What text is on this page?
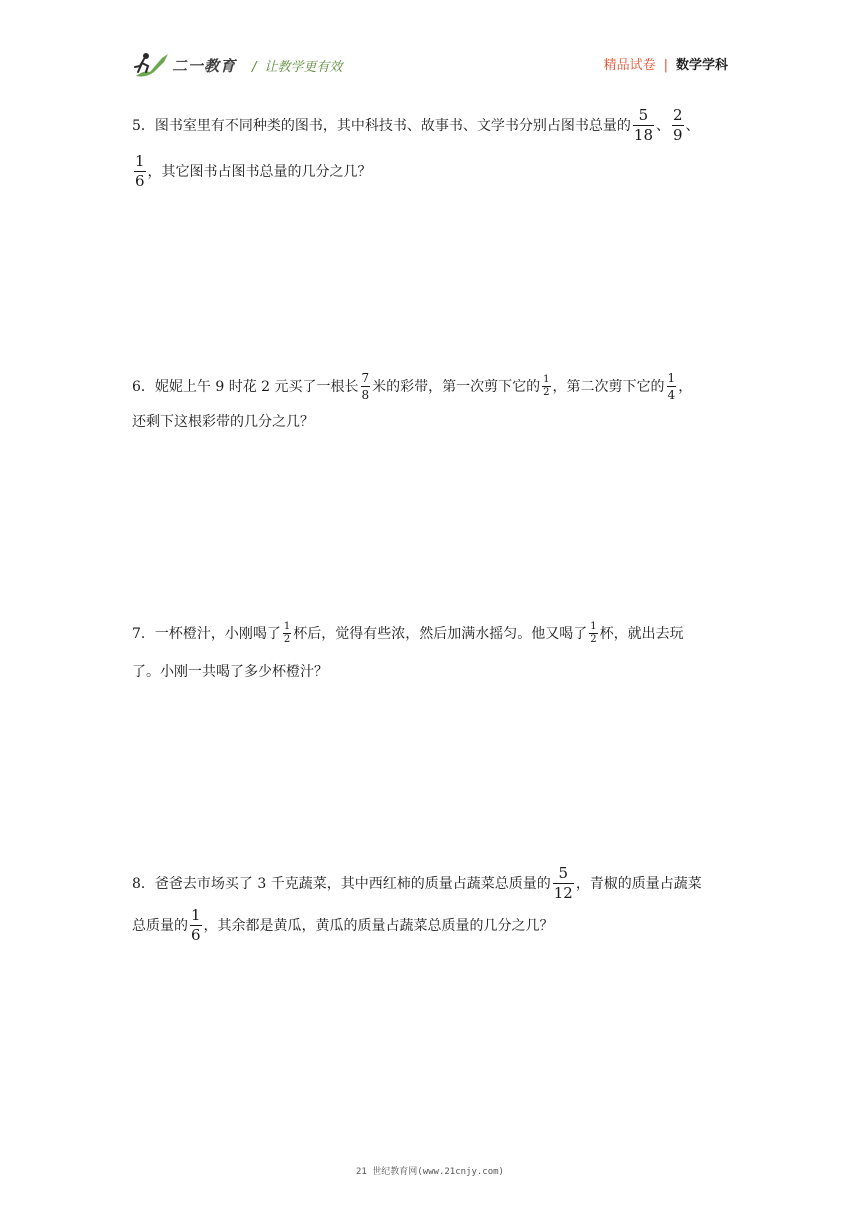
二一教育 / 让教学更有效	精品试卷 | 数学学科
5．图书室里有不同种类的图书，其中科技书、故事书、文学书分别占图书总量的 $\frac{5}{18}$ 、 $\frac{2}{9}$ 、
$\frac{1}{6}$ ，其它图书占图书总量的几分之几？
6．妮妮上午 9 时花 2 元买了一根长 $\frac{7}{8}$ 米的彩带，第一次剪下它的 $\frac{1}{2}$ ，第二次剪下它的 $\frac{1}{4}$ ，
还剩下这根彩带的几分之几？
7．一杯橙汁，小刚喝了 $\frac{1}{2}$ 杯后，觉得有些浓，然后加满水摇匀。他又喝了 $\frac{1}{2}$ 杯，就出去玩
了。小刚一共喝了多少杯橙汁？
8．爸爸去市场买了 3 千克蔬菜，其中西红柿的质量占蔬菜总质量的 $\frac{5}{12}$ ，青椒的质量占蔬菜
总质量的 $\frac{1}{6}$ ，其余都是黄瓜，黄瓜的质量占蔬菜总质量的几分之几？
21 世纪教育网(www.21cnjy.com)
